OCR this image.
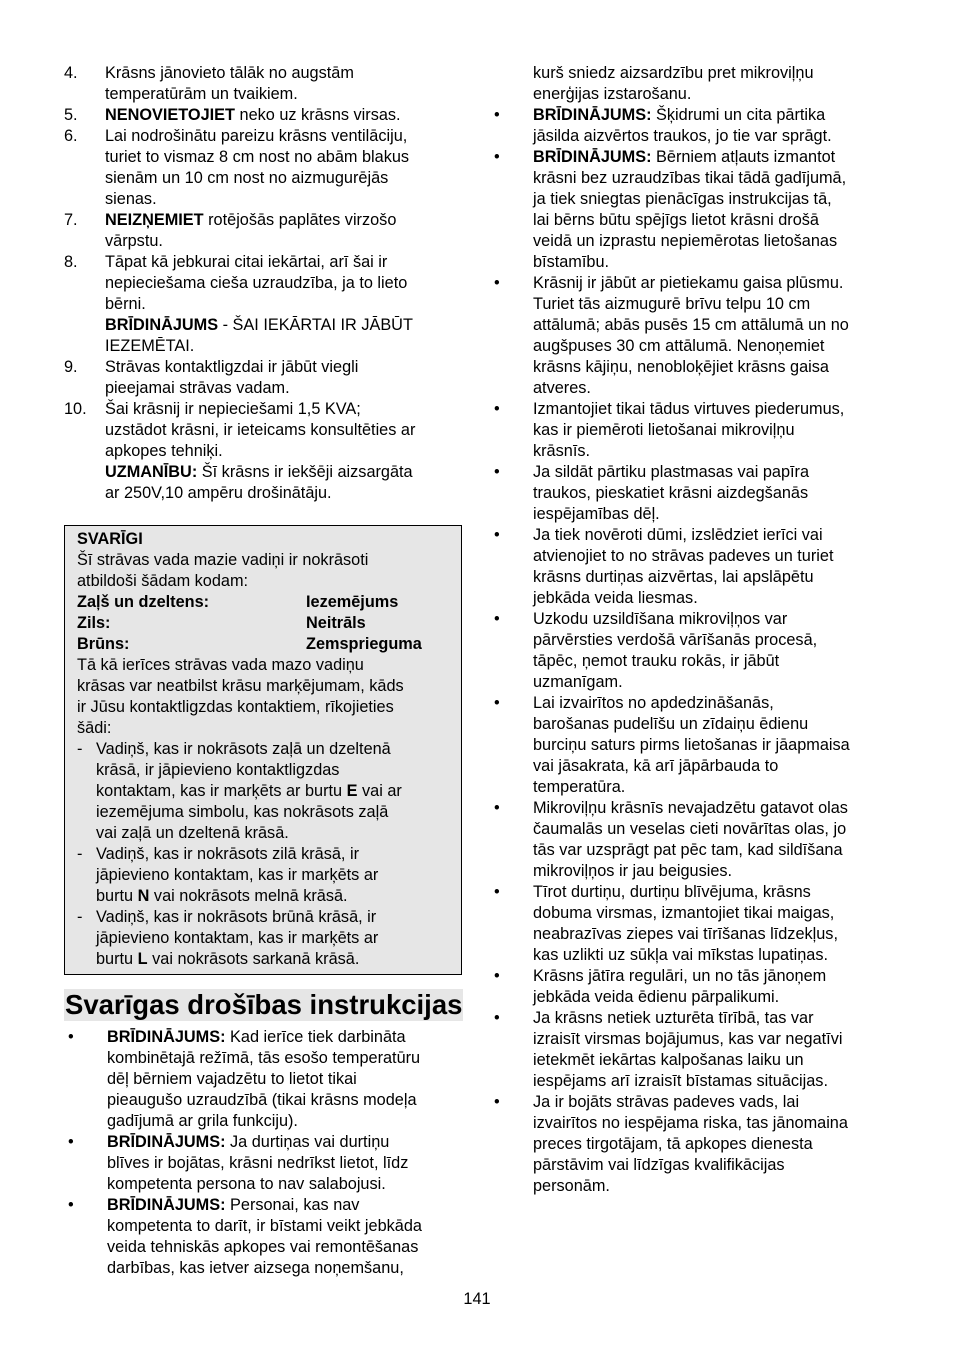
4. Krāsns jānovieto tālāk no augstām
temperatūrām un tvaikiem.
5. NENOVIETOJIET neko uz krāsns virsas.
6. Lai nodrošinātu pareizu krāsns ventilāciju,
turiet to vismaz 8 cm nost no abām blakus
sienām un 10 cm nost no aizmugurējās
sienas.
7. NEIZŅEMIET rotējošās paplātes virzošo
vārpstu.
8. Tāpat kā jebkurai citai iekārtai, arī šai ir
nepieciešama cieša uzraudzība, ja to lieto
bērni.
BRĪDINĀJUMS - ŠAI IEKĀRTAI IR JĀBŪT
IEZEMĒTAI.
9. Strāvas kontaktligzdai ir jābūt viegli
pieejamai strāvas vadam.
10. Šai krāsnij ir nepieciešami 1,5 KVA;
uzstādot krāsni, ir ieteicams konsultēties ar
apkopes tehniķi.
UZMANĪBU: Šī krāsns ir iekšēji aizsargāta
ar 250V,10 ampēru drošinātāju.
SVARĪGI
Šī strāvas vada mazie vadiņi ir nokrāsoti
atbildoši šādam kodam:
Zaļš un dzeltens:	Iezemējums
Zils:	Neitrāls
Brūns:	Zemsprieguma
Tā kā ierīces strāvas vada mazo vadiņu
krāsas var neatbilst krāsu marķējumam, kāds
ir Jūsu kontaktligzdas kontaktiem, rīkojieties
šādi:
- Vadiņš, kas ir nokrāsots zaļā un dzeltenā
krāsā, ir jāpievieno kontaktligzdas
kontaktam, kas ir marķēts ar burtu E vai ar
iezemējuma simbolu, kas nokrāsots zaļā
vai zaļā un dzeltenā krāsā.
- Vadiņš, kas ir nokrāsots zilā krāsā, ir
jāpievieno kontaktam, kas ir marķēts ar
burtu N vai nokrāsots melnā krāsā.
- Vadiņš, kas ir nokrāsots brūnā krāsā, ir
jāpievieno kontaktam, kas ir marķēts ar
burtu L vai nokrāsots sarkanā krāsā.
Svarīgas drošības instrukcijas
• BRĪDINĀJUMS: Kad ierīce tiek darbināta
kombinētajā režīmā, tās esošo temperatūru
dēļ bērniem vajadzētu to lietot tikai
pieaugušo uzraudzībā (tikai krāsns modeļa
gadījumā ar grila funkciju).
• BRĪDINĀJUMS: Ja durtiņas vai durtiņu
blīves ir bojātas, krāsni nedrīkst lietot, līdz
kompetenta persona to nav salabojusi.
• BRĪDINĀJUMS: Personai, kas nav
kompetenta to darīt, ir bīstami veikt jebkāda
veida tehniskās apkopes vai remontēšanas
darbības, kas ietver aizsega noņemšanu,
kurš sniedz aizsardzību pret mikroviļņu
enerģijas izstarošanu.
• BRĪDINĀJUMS: Šķidrumi un cita pārtika
jāsilda aizvērtos traukos, jo tie var sprāgt.
• BRĪDINĀJUMS: Bērniem atļauts izmantot
krāsni bez uzraudzības tikai tādā gadījumā,
ja tiek sniegtas pienācīgas instrukcijas tā,
lai bērns būtu spējīgs lietot krāsni drošā
veidā un izprastu nepiemērotas lietošanas
bīstamību.
• Krāsnij ir jābūt ar pietiekamu gaisa plūsmu.
Turiet tās aizmugurē brīvu telpu 10 cm
attālumā; abās pusēs 15 cm attālumā un no
augšpuses 30 cm attālumā. Nenoņemiet
krāsns kājiņu, nenobloķējiet krāsns gaisa
atveres.
• Izmantojiet tikai tādus virtuves piederumus,
kas ir piemēroti lietošanai mikroviļņu
krāsnīs.
• Ja sildāt pārtiku plastmasas vai papīra
traukos, pieskatiet krāsni aizdegšanās
iespējamības dēļ.
• Ja tiek novēroti dūmi, izslēdziet ierīci vai
atvienojiet to no strāvas padeves un turiet
krāsns durtiņas aizvērtas, lai apslāpētu
jebkāda veida liesmas.
• Uzkodu uzsildīšana mikroviļņos var
pārvērsties verdošā vārīšanās procesā,
tāpēc, ņemot trauku rokās, ir jābūt
uzmanīgam.
• Lai izvairītos no apdedzināšanās,
barošanas pudelīšu un zīdaiņu ēdienu
burciņu saturs pirms lietošanas ir jāapmaisa
vai jāsakrata, kā arī jāpārbauda to
temperatūra.
• Mikroviļņu krāsnīs nevajadzētu gatavot olas
čaumalās un veselas cieti novārītas olas, jo
tās var uzsprāgt pat pēc tam, kad sildīšana
mikroviļņos ir jau beigusies.
• Tīrot durtiņu, durtiņu blīvējuma, krāsns
dobuma virsmas, izmantojiet tikai maigas,
neabrazīvas ziepes vai tīrīšanas līdzekļus,
kas uzlikti uz sūkļa vai mīkstas lupatiņas.
• Krāsns jātīra regulāri, un no tās jānoņem
jebkāda veida ēdienu pārpalikumi.
• Ja krāsns netiek uzturēta tīrībā, tas var
izraisīt virsmas bojājumus, kas var negatīvi
ietekmēt iekārtas kalpošanas laiku un
iespējams arī izraisīt bīstamas situācijas.
• Ja ir bojāts strāvas padeves vads, lai
izvairītos no iespējama riska, tas jānomaina
preces tirgotājam, tā apkopes dienesta
pārstāvim vai līdzīgas kvalifikācijas
personām.
141
